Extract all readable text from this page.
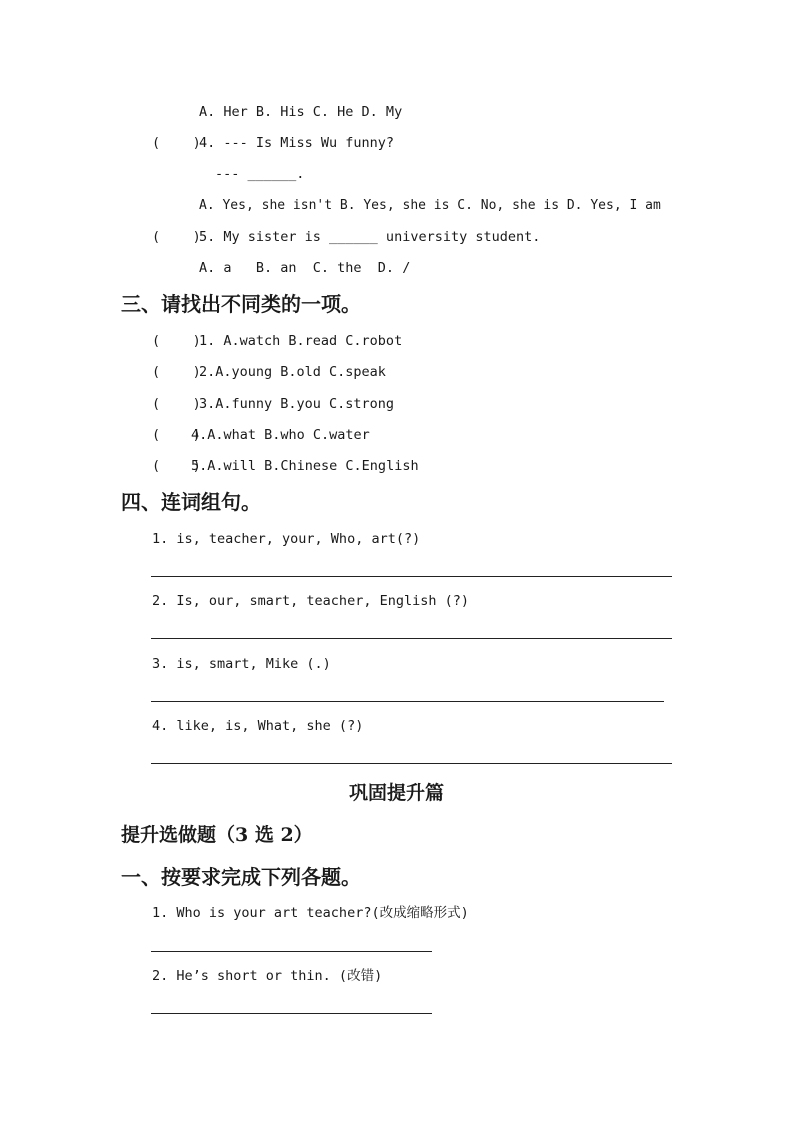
A. Her B. His C. He D. My
(    )
4. --- Is Miss Wu funny?
--- ______.
A. Yes, she isn't B. Yes, she is C. No, she is D. Yes, I am
(    )
5. My sister is ______ university student.
A. a   B. an  C. the  D. /
三、请找出不同类的一项。
(    )
1. A.watch B.read C.robot
(    )
2.A.young B.old C.speak
(    )
3.A.funny B.you C.strong
(    )
4.A.what B.who C.water
(    )
5.A.will B.Chinese C.English
四、连词组句。
1. is, teacher, your, Who, art(?)
2. Is, our, smart, teacher, English (?)
3. is, smart, Mike (.)
4. like, is, What, she (?)
巩固提升篇
提升选做题（3 选 2）
一、按要求完成下列各题。
1. Who is your art teacher?(改成缩略形式)
2. He’s short or thin. (改错)
